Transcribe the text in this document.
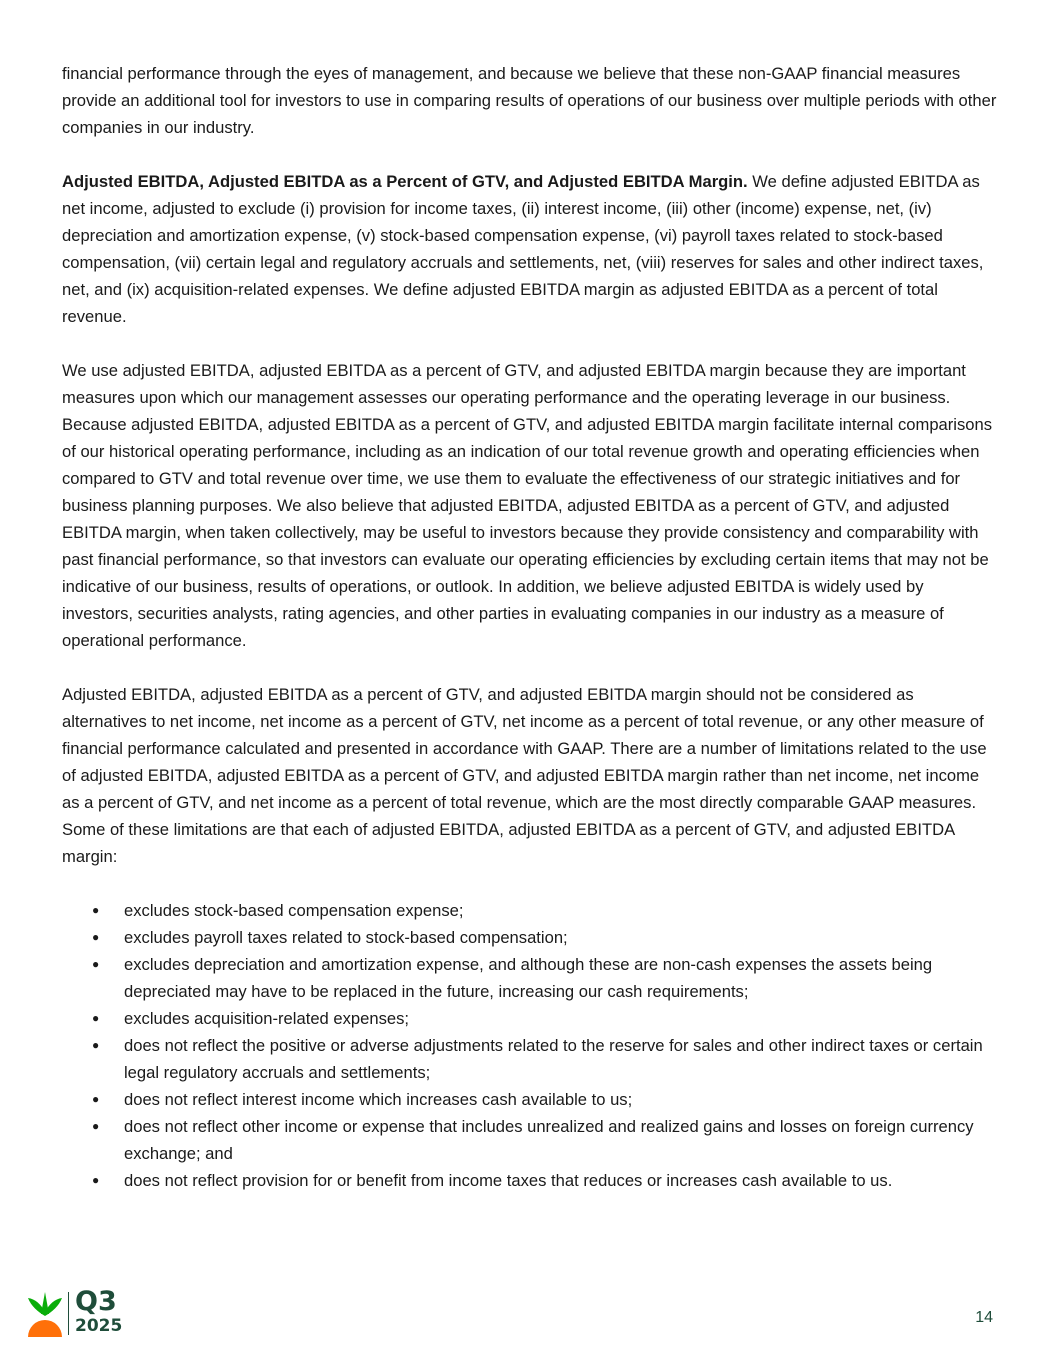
financial performance through the eyes of management, and because we believe that these non-GAAP financial measures provide an additional tool for investors to use in comparing results of operations of our business over multiple periods with other companies in our industry.

Adjusted EBITDA, Adjusted EBITDA as a Percent of GTV, and Adjusted EBITDA Margin. We define adjusted EBITDA as net income, adjusted to exclude (i) provision for income taxes, (ii) interest income, (iii) other (income) expense, net, (iv) depreciation and amortization expense, (v) stock-based compensation expense, (vi) payroll taxes related to stock-based compensation, (vii) certain legal and regulatory accruals and settlements, net, (viii) reserves for sales and other indirect taxes, net, and (ix) acquisition-related expenses. We define adjusted EBITDA margin as adjusted EBITDA as a percent of total revenue.

We use adjusted EBITDA, adjusted EBITDA as a percent of GTV, and adjusted EBITDA margin because they are important measures upon which our management assesses our operating performance and the operating leverage in our business. Because adjusted EBITDA, adjusted EBITDA as a percent of GTV, and adjusted EBITDA margin facilitate internal comparisons of our historical operating performance, including as an indication of our total revenue growth and operating efficiencies when compared to GTV and total revenue over time, we use them to evaluate the effectiveness of our strategic initiatives and for business planning purposes. We also believe that adjusted EBITDA, adjusted EBITDA as a percent of GTV, and adjusted EBITDA margin, when taken collectively, may be useful to investors because they provide consistency and comparability with past financial performance, so that investors can evaluate our operating efficiencies by excluding certain items that may not be indicative of our business, results of operations, or outlook. In addition, we believe adjusted EBITDA is widely used by investors, securities analysts, rating agencies, and other parties in evaluating companies in our industry as a measure of operational performance.

Adjusted EBITDA, adjusted EBITDA as a percent of GTV, and adjusted EBITDA margin should not be considered as alternatives to net income, net income as a percent of GTV, net income as a percent of total revenue, or any other measure of financial performance calculated and presented in accordance with GAAP. There are a number of limitations related to the use of adjusted EBITDA, adjusted EBITDA as a percent of GTV, and adjusted EBITDA margin rather than net income, net income as a percent of GTV, and net income as a percent of total revenue, which are the most directly comparable GAAP measures. Some of these limitations are that each of adjusted EBITDA, adjusted EBITDA as a percent of GTV, and adjusted EBITDA margin:

● excludes stock-based compensation expense;
● excludes payroll taxes related to stock-based compensation;
● excludes depreciation and amortization expense, and although these are non-cash expenses the assets being depreciated may have to be replaced in the future, increasing our cash requirements;
● excludes acquisition-related expenses;
● does not reflect the positive or adverse adjustments related to the reserve for sales and other indirect taxes or certain legal regulatory accruals and settlements;
● does not reflect interest income which increases cash available to us;
● does not reflect other income or expense that includes unrealized and realized gains and losses on foreign currency exchange; and
● does not reflect provision for or benefit from income taxes that reduces or increases cash available to us.
Q3
2025	14
